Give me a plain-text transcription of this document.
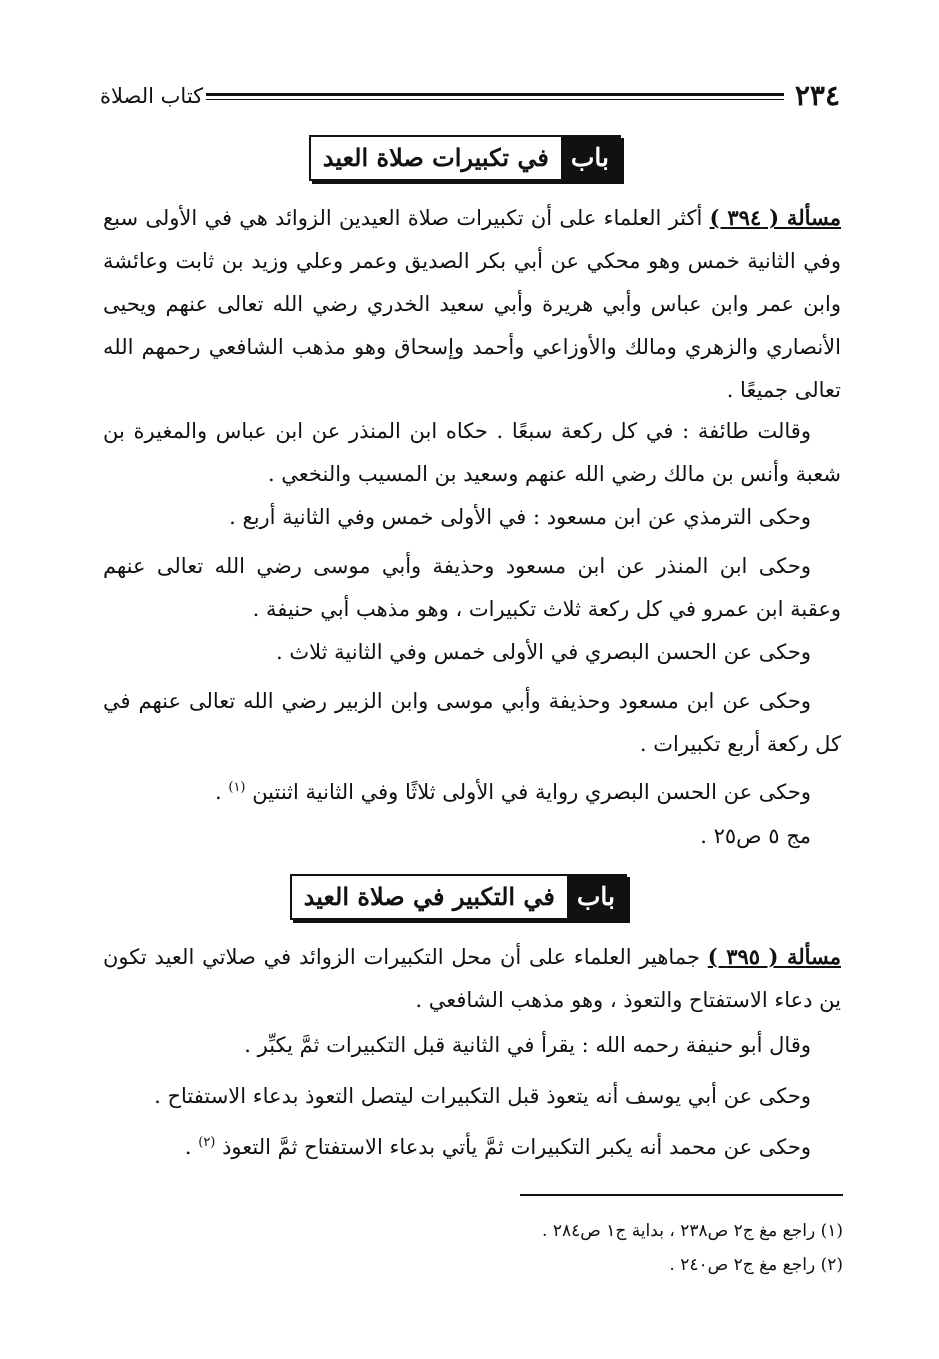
٢٣٤
كتاب الصلاة
باب
في تكبيرات صلاة العيد

مسألة ( ٣٩٤ ) أكثر العلماء على أن تكبيرات صلاة العيدين الزوائد هي في الأولى سبع وفي الثانية خمس وهو محكي عن أبي بكر الصديق وعمر وعلي وزيد بن ثابت وعائشة وابن عمر وابن عباس وأبي هريرة وأبي سعيد الخدري رضي الله تعالى عنهم ويحيى الأنصاري والزهري ومالك والأوزاعي وأحمد وإسحاق وهو مذهب الشافعي رحمهم الله تعالى جميعًا .

وقالت طائفة : في كل ركعة سبعًا . حكاه ابن المنذر عن ابن عباس والمغيرة بن شعبة وأنس بن مالك رضي الله عنهم وسعيد بن المسيب والنخعي .

وحكى الترمذي عن ابن مسعود : في الأولى خمس وفي الثانية أربع .

وحكى ابن المنذر عن ابن مسعود وحذيفة وأبي موسى رضي الله تعالى عنهم وعقبة ابن عمرو في كل ركعة ثلاث تكبيرات ، وهو مذهب أبي حنيفة .

وحكى عن الحسن البصري في الأولى خمس وفي الثانية ثلاث .

وحكى عن ابن مسعود وحذيفة وأبي موسى وابن الزبير رضي الله تعالى عنهم في كل ركعة أربع تكبيرات .

وحكى عن الحسن البصري رواية في الأولى ثلاثًا وفي الثانية اثنتين $^{(١)}$ .

مج ٥ ص٢٥ .

باب
في التكبير في صلاة العيد

مسألة ( ٣٩٥ ) جماهير العلماء على أن محل التكبيرات الزوائد في صلاتي العيد تكون ين دعاء الاستفتاح والتعوذ ، وهو مذهب الشافعي .

وقال أبو حنيفة رحمه الله : يقرأ في الثانية قبل التكبيرات ثمَّ يكبِّر .

وحكى عن أبي يوسف أنه يتعوذ قبل التكبيرات ليتصل التعوذ بدعاء الاستفتاح .

وحكى عن محمد أنه يكبر التكبيرات ثمَّ يأتي بدعاء الاستفتاح ثمَّ التعوذ $^{(٢)}$ .

(١) راجع مغ ج٢ ص٢٣٨ ، بداية ج١ ص٢٨٤ .
(٢) راجع مغ ج٢ ص٢٤٠ .
